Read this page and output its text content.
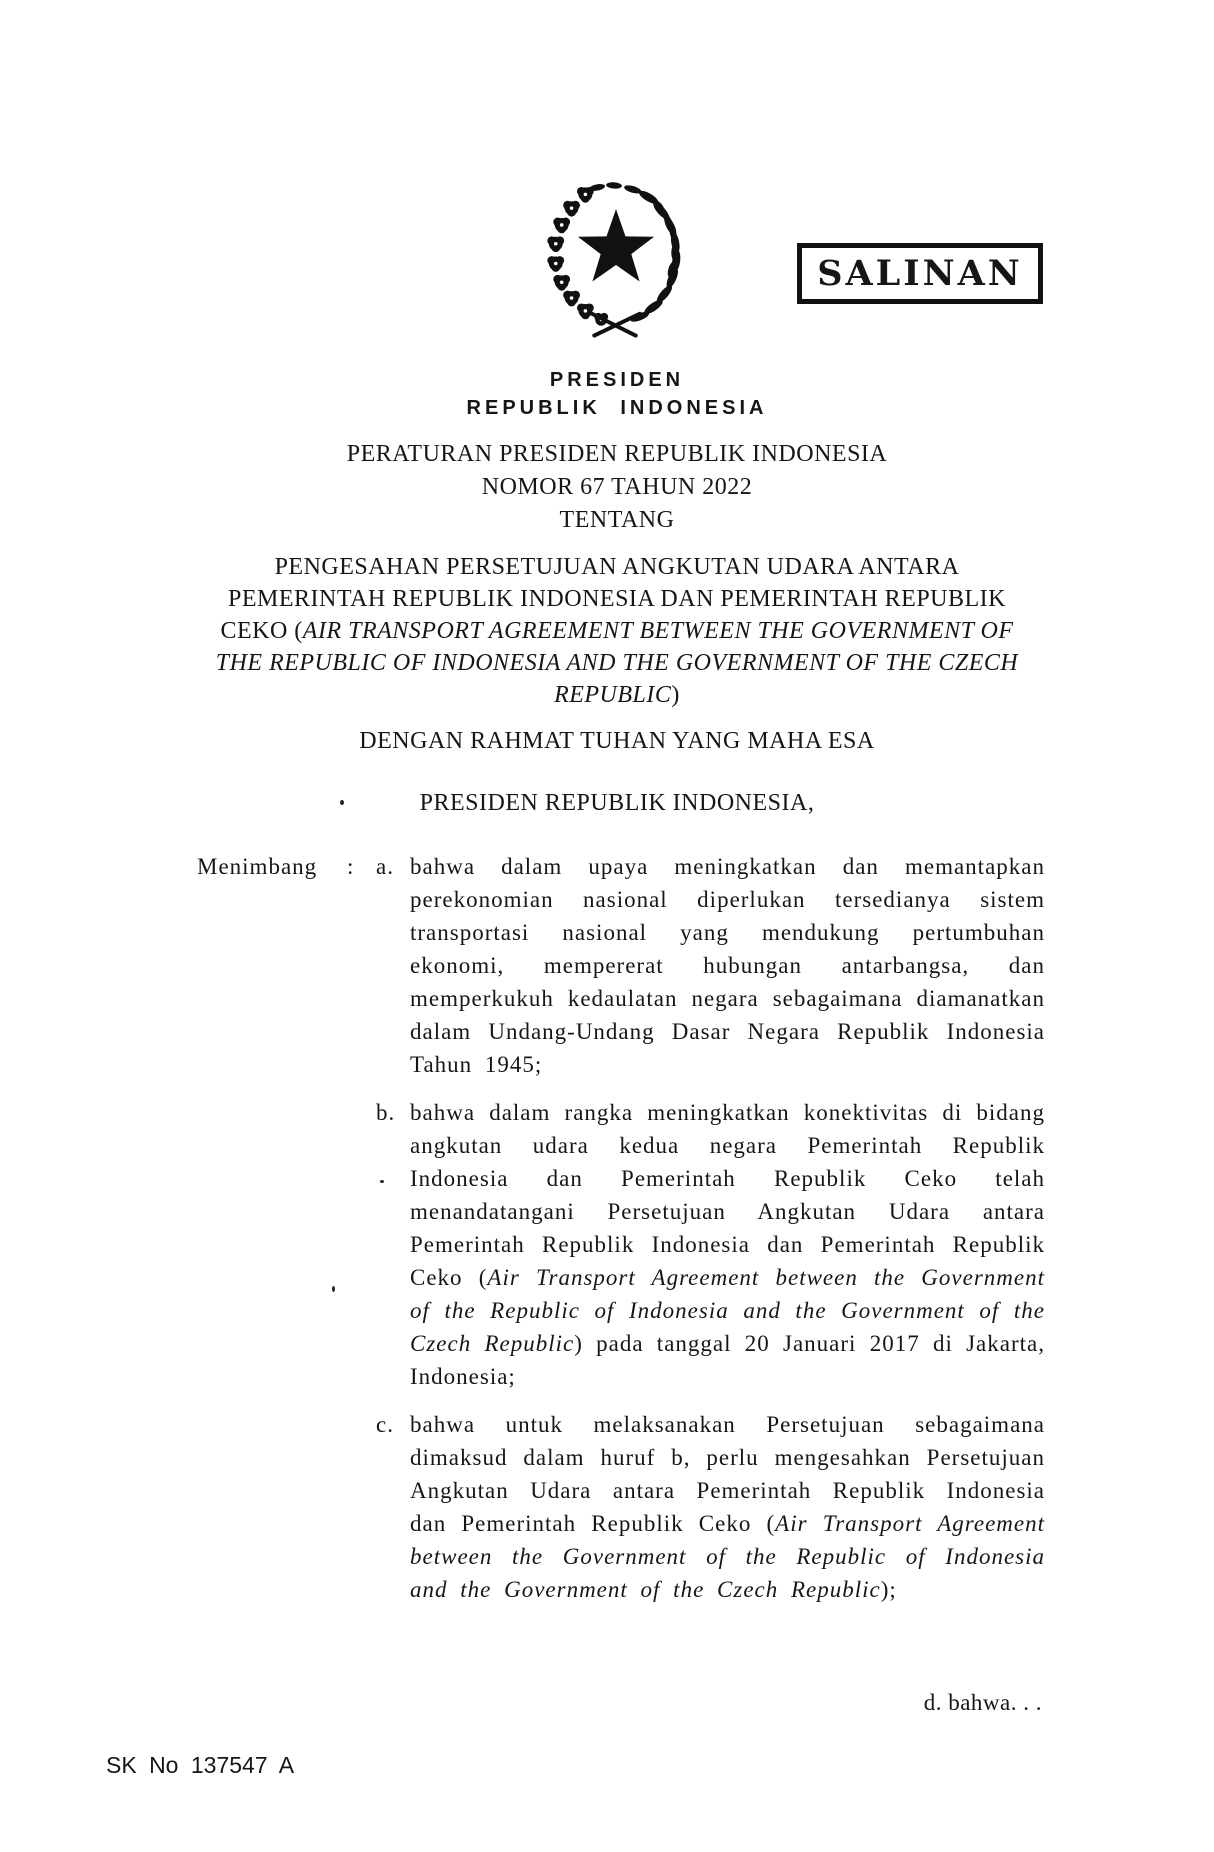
SALINAN
PRESIDEN
REPUBLIK INDONESIA
PERATURAN PRESIDEN REPUBLIK INDONESIA
NOMOR 67 TAHUN 2022
TENTANG
PENGESAHAN PERSETUJUAN ANGKUTAN UDARA ANTARA PEMERINTAH REPUBLIK INDONESIA DAN PEMERINTAH REPUBLIK CEKO (AIR TRANSPORT AGREEMENT BETWEEN THE GOVERNMENT OF THE REPUBLIC OF INDONESIA AND THE GOVERNMENT OF THE CZECH REPUBLIC)
DENGAN RAHMAT TUHAN YANG MAHA ESA
PRESIDEN REPUBLIK INDONESIA,
Menimbang	: a. bahwa dalam upaya meningkatkan dan memantapkan perekonomian nasional diperlukan tersedianya sistem transportasi nasional yang mendukung pertumbuhan ekonomi, mempererat hubungan antarbangsa, dan memperkukuh kedaulatan negara sebagaimana diamanatkan dalam Undang-Undang Dasar Negara Republik Indonesia Tahun 1945;
b. bahwa dalam rangka meningkatkan konektivitas di bidang angkutan udara kedua negara Pemerintah Republik Indonesia dan Pemerintah Republik Ceko telah menandatangani Persetujuan Angkutan Udara antara Pemerintah Republik Indonesia dan Pemerintah Republik Ceko (Air Transport Agreement between the Government of the Republic of Indonesia and the Government of the Czech Republic) pada tanggal 20 Januari 2017 di Jakarta, Indonesia;
c. bahwa untuk melaksanakan Persetujuan sebagaimana dimaksud dalam huruf b, perlu mengesahkan Persetujuan Angkutan Udara antara Pemerintah Republik Indonesia dan Pemerintah Republik Ceko (Air Transport Agreement between the Government of the Republic of Indonesia and the Government of the Czech Republic);
d. bahwa. . .
SK No 137547 A
